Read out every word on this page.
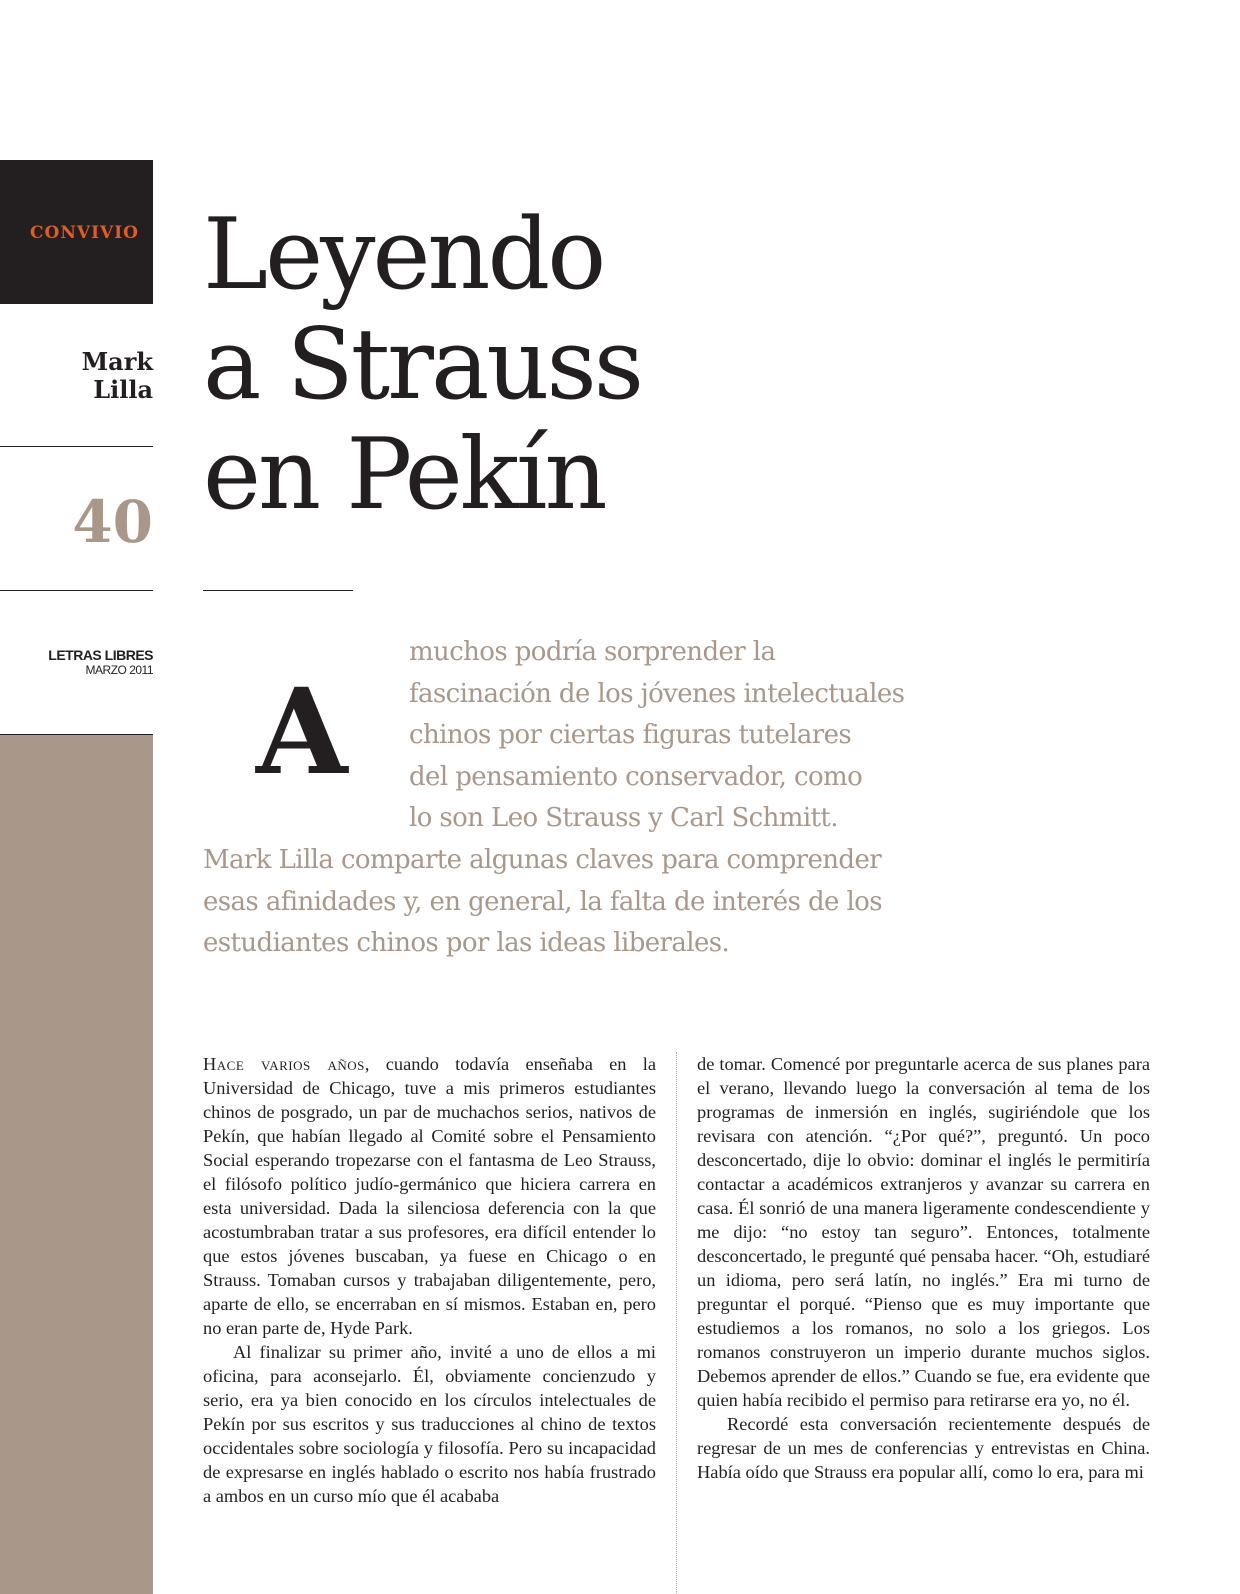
CONVIVIO
Mark
Lilla
40
LETRAS LIBRES
MARZO 2011
Leyendo
a Strauss
en Pekín
A
muchos podría sorprender la
fascinación de los jóvenes intelectuales
chinos por ciertas figuras tutelares
del pensamiento conservador, como
lo son Leo Strauss y Carl Schmitt.
Mark Lilla comparte algunas claves para comprender
esas afinidades y, en general, la falta de interés de los
estudiantes chinos por las ideas liberales.

Hace varios años, cuando todavía enseñaba en la Universidad de Chicago, tuve a mis primeros estudiantes chinos de posgrado, un par de muchachos serios, nativos de Pekín, que habían llegado al Comité sobre el Pensamiento Social esperando tropezarse con el fantasma de Leo Strauss, el filósofo político judío-germánico que hiciera carrera en esta universidad. Dada la silenciosa deferencia con la que acostumbraban tratar a sus profesores, era difícil entender lo que estos jóvenes buscaban, ya fuese en Chicago o en Strauss. Tomaban cursos y trabajaban diligentemente, pero, aparte de ello, se encerraban en sí mismos. Estaban en, pero no eran parte de, Hyde Park.

Al finalizar su primer año, invité a uno de ellos a mi oficina, para aconsejarlo. Él, obviamente concienzudo y serio, era ya bien conocido en los círculos intelectuales de Pekín por sus escritos y sus traducciones al chino de textos occidentales sobre sociología y filosofía. Pero su incapacidad de expresarse en inglés hablado o escrito nos había frustrado a ambos en un curso mío que él acababa

de tomar. Comencé por preguntarle acerca de sus planes para el verano, llevando luego la conversación al tema de los programas de inmersión en inglés, sugiriéndole que los revisara con atención. “¿Por qué?”, preguntó. Un poco desconcertado, dije lo obvio: dominar el inglés le permitiría contactar a académicos extranjeros y avanzar su carrera en casa. Él sonrió de una manera ligeramente condescendiente y me dijo: “no estoy tan seguro”. Entonces, totalmente desconcertado, le pregunté qué pensaba hacer. “Oh, estudiaré un idioma, pero será latín, no inglés.” Era mi turno de preguntar el porqué. “Pienso que es muy importante que estudiemos a los romanos, no solo a los griegos. Los romanos construyeron un imperio durante muchos siglos. Debemos aprender de ellos.” Cuando se fue, era evidente que quien había recibido el permiso para retirarse era yo, no él.

Recordé esta conversación recientemente después de regresar de un mes de conferencias y entrevistas en China. Había oído que Strauss era popular allí, como lo era, para mi
